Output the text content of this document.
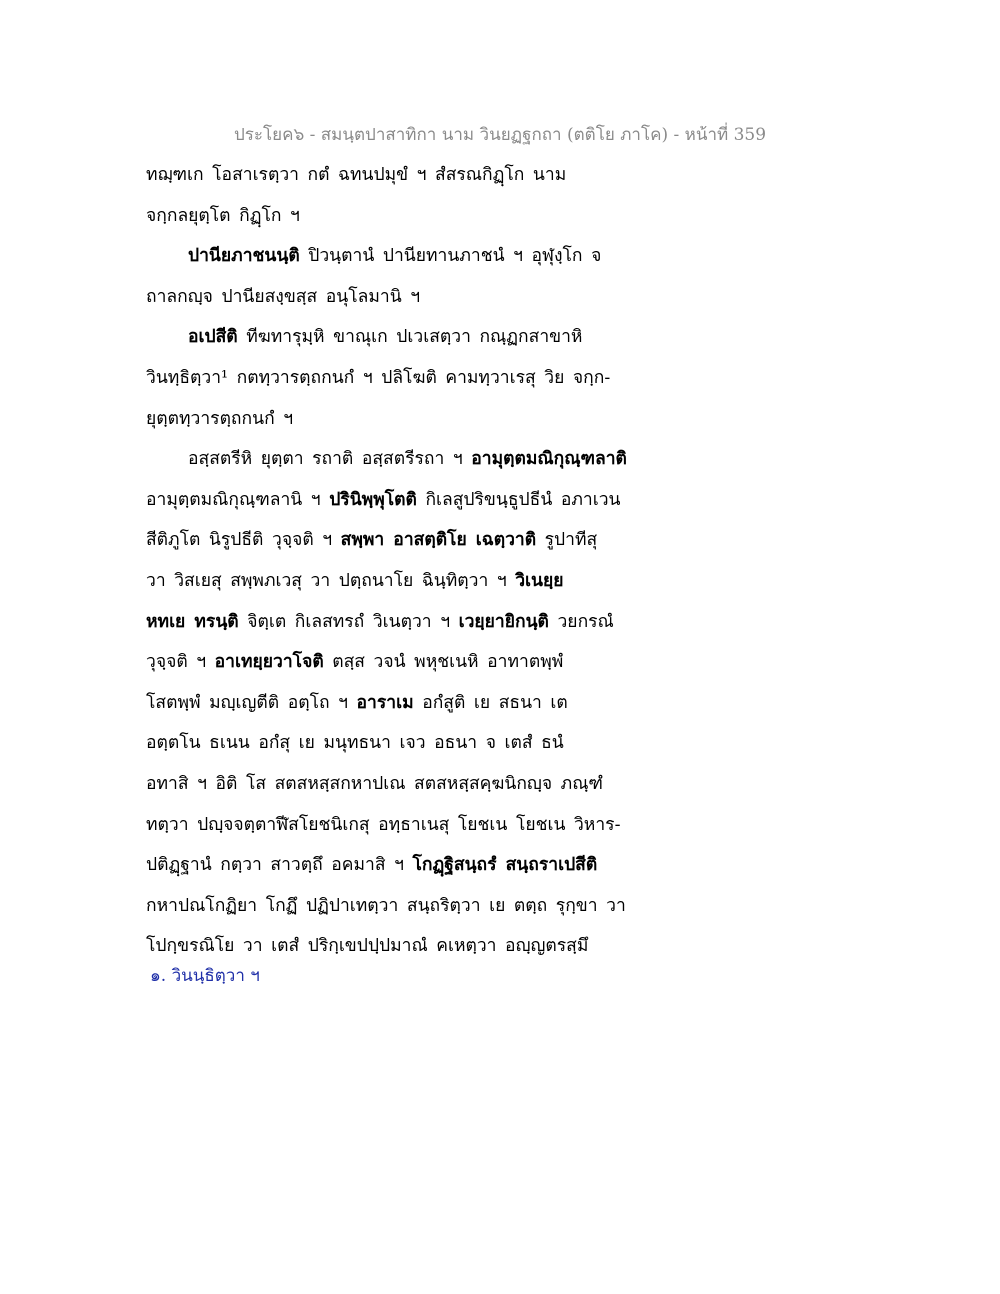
ประโยค๖ - สมนฺตปาสาทิกา นาม วินยฏฐกถา (ตติโย ภาโค) - หน้าที่ 359
ทฌฺฑเก โอสาเรตฺวา กตํ ฉทนปมุขํ ฯ สํสรณกิฏฺโก นาม
จกฺกลยุตฺโต กิฏฺโก ฯ
ปานียภาชนนฺติ ปิวนฺตานํ ปานียทานภาชนํ ฯ อุฬุงฺโก จ
ถาลกญฺจ ปานียสงฺขสฺส อนุโลมานิ ฯ
อเปสีติ ทีฆทารุมฺหิ ขาณุเก ปเวเสตฺวา กณฺฏกสาขาหิ
วินทฺธิตฺวา¹ กตทฺวารตฺถกนกํ ฯ ปลิโฆติ คามทฺวาเรสุ วิย จกฺก-
ยุตฺตทฺวารตฺถกนกํ ฯ
อสฺสตรีหิ ยุตฺตา รถาติ อสฺสตรีรถา ฯ อามุตฺตมณิกุณฺฑลาติ
อามุตฺตมณิกุณฺฑลานิ ฯ ปรินิพฺพุโตติ กิเลสูปริขนฺธูปธีนํ อภาเวน
สีติภูโต นิรูปธีติ วุจฺจติ ฯ สพฺพา อาสตฺติโย เฉตฺวาติ รูปาทีสุ
วา วิสเยสุ สพฺพภเวสุ วา ปตฺถนาโย ฉินฺทิตฺวา ฯ วิเนยฺย
หทเย ทรนฺติ จิตฺเต กิเลสทรถํ วิเนตฺวา ฯ เวยฺยายิกนฺติ วยกรณํ
วุจฺจติ ฯ อาเทยฺยวาโจติ ตสฺส วจนํ พหุชเนหิ อาทาตพฺพํ
โสตพฺพํ มญฺเญตีติ อตฺโถ ฯ อาราเม อกํสูติ เย สธนา เต
อตฺตโน ธเนน อกํสุ เย มนุทธนา เจว อธนา จ เตสํ ธนํ
อทาสิ ฯ อิติ โส สตสหสฺสกหาปเณ สตสหสฺสคฺฆนิกญฺจ ภณฺฑํ
ทตฺวา ปญฺจจตฺตาฬีสโยชนิเกสุ อทฺธาเนสุ โยชเน โยชเน วิหาร-
ปติฏฺฐานํ กตฺวา สาวตฺถึ อคมาสิ ฯ โกฏฺฐิสนฺถรํ สนฺถราเปสีติ
กหาปณโกฏิยา โกฏึ ปฏิปาเทตฺวา สนฺถริตฺวา เย ตตฺถ รุกฺขา วา
โปกฺขรณิโย วา เตสํ ปริกฺเขปปฺปมาณํ คเหตฺวา อญฺญตรสฺมึ
๑. วินนฺธิตฺวา ฯ
